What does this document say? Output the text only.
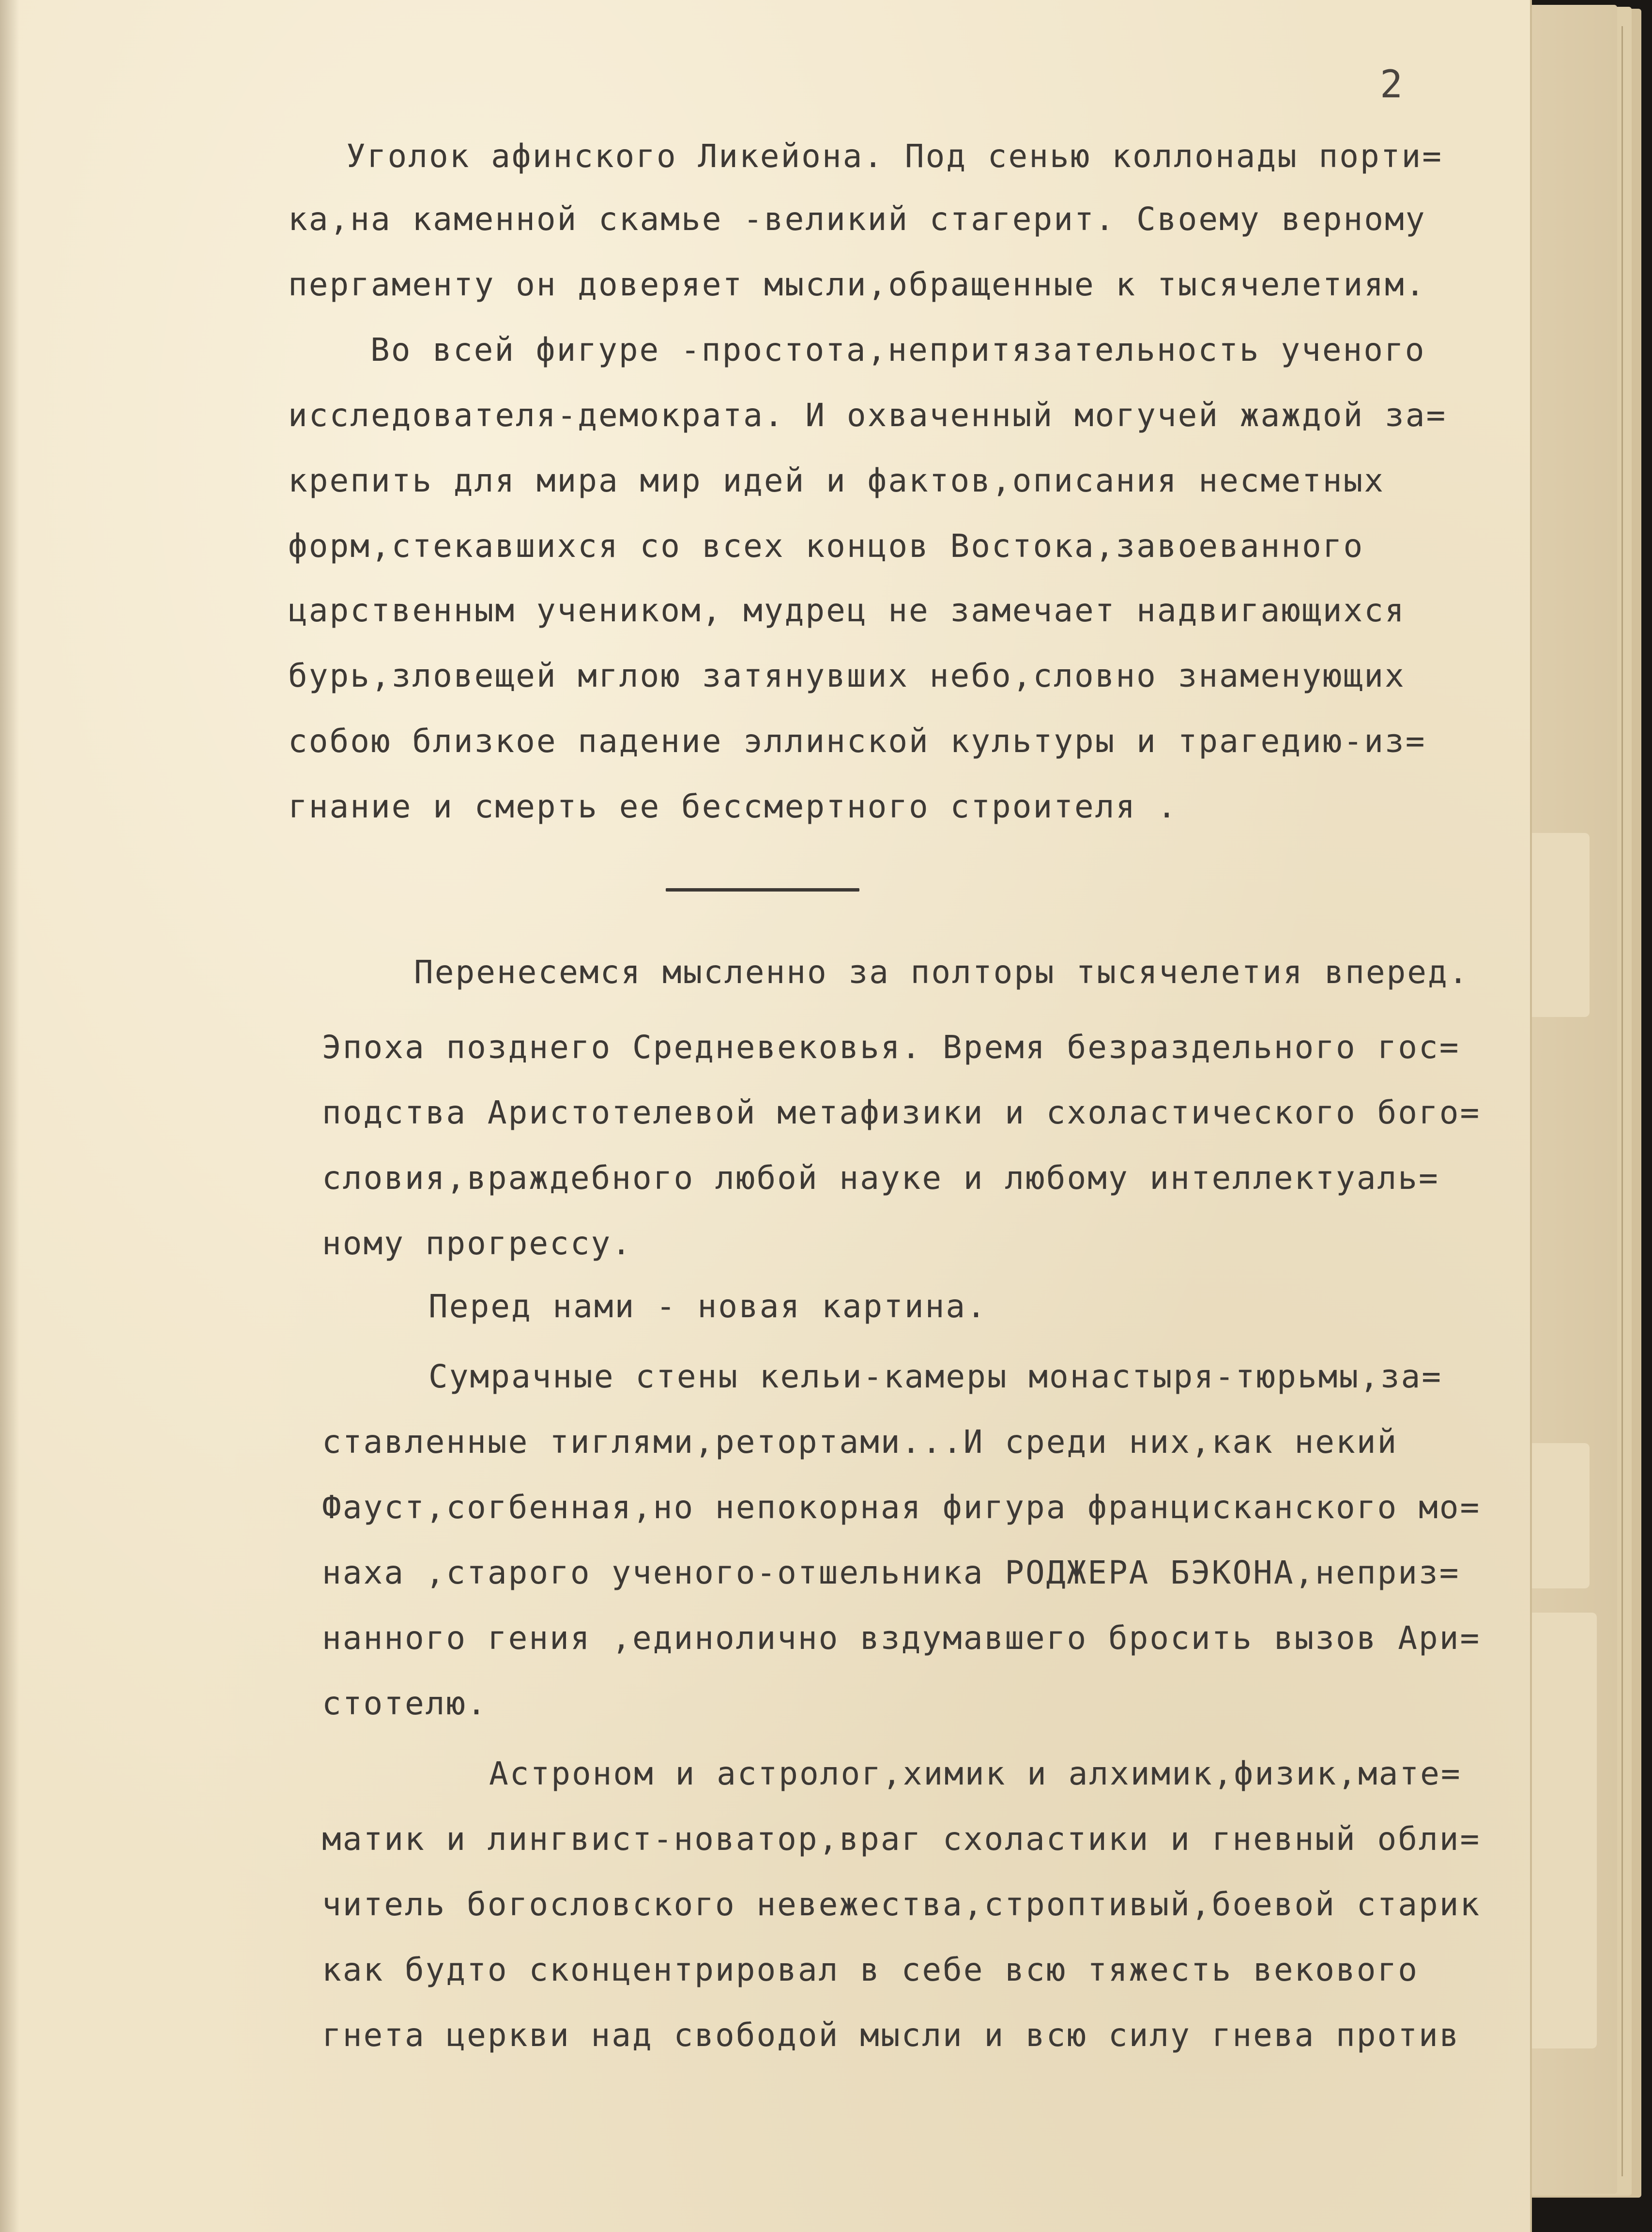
2
Уголок афинского Ликейона. Под сенью коллонады порти=
ка,на каменной скамье -великий стагерит. Своему верному
пергаменту он доверяет мысли,обращенные к тысячелетиям.
Во всей фигуре -простота,непритязательность ученого
исследователя-демократа. И охваченный могучей жаждой за=
крепить для мира мир идей и фактов,описания несметных
форм,стекавшихся со всех концов Востока,завоеванного
царственным учеником, мудрец не замечает надвигающихся
бурь,зловещей мглою затянувших небо,словно знаменующих
собою близкое падение эллинской культуры и трагедию-из=
гнание и смерть ее бессмертного строителя .
Перенесемся мысленно за полторы тысячелетия вперед.
Эпоха позднего Средневековья. Время безраздельного гос=
подства Аристотелевой метафизики и схоластического бого=
словия,враждебного любой науке и любому интеллектуаль=
ному прогрессу.
Перед нами - новая картина.
Сумрачные стены кельи-камеры монастыря-тюрьмы,за=
ставленные тиглями,ретортами...И среди них,как некий
Фауст,согбенная,но непокорная фигура францисканского мо=
наха ,старого ученого-отшельника РОДЖЕРА БЭКОНА,неприз=
нанного гения ,единолично вздумавшего бросить вызов Ари=
стотелю.
Астроном и астролог,химик и алхимик,физик,мате=
матик и лингвист-новатор,враг схоластики и гневный обли=
читель богословского невежества,строптивый,боевой старик
как будто сконцентрировал в себе всю тяжесть векового
гнета церкви над свободой мысли и всю силу гнева против
